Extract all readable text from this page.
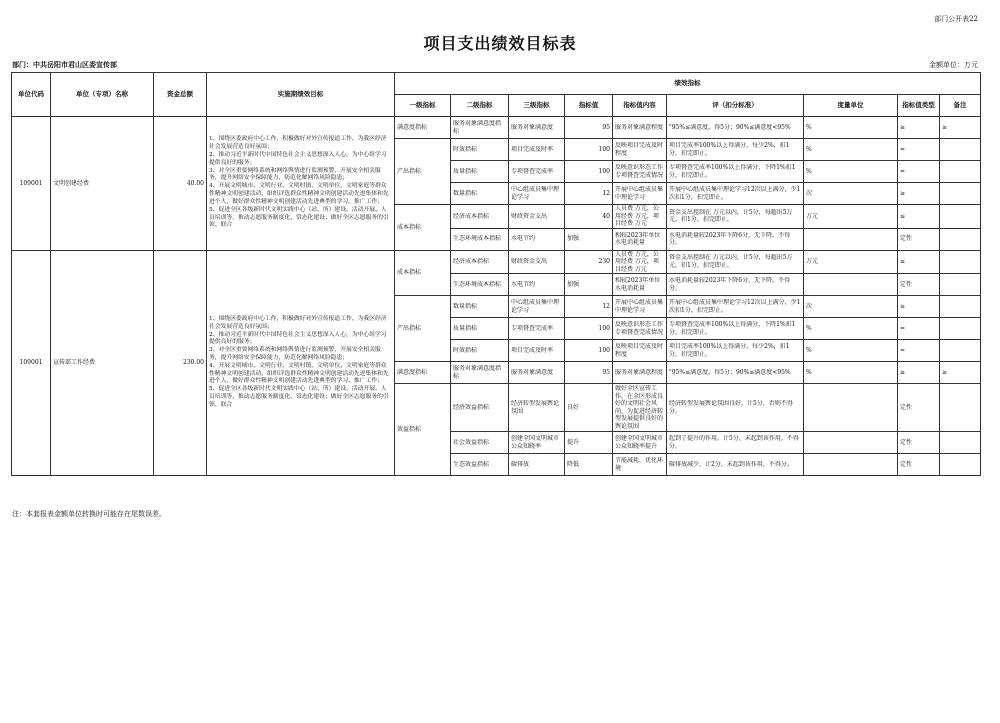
部门公开表22
项目支出绩效目标表
部门：中共岳阳市君山区委宣传部	金额单位：万元
单位代码	单位（专项）名称	资金总额	实施期绩效目标	绩效指标								
				一级指标	二级指标	三级指标	指标值	指标值内容	评（扣分标准）	度量单位	指标值类型	备注
109001	文明创建经费	40.00	1、围绕区委政府中心工作，积极做好对外宣传报道工作，为我区经济社会发展营造良好氛围；
2、推动习近平新时代中国特色社会主义思想深入人心，为中心组学习提供良好的服务；
3、对全区重要网络系统和网络舆情进行监测预警，开展安全相关服务，提升网络安全保障能力，防范化解网络风险隐患；
4、开展文明城市、文明行业、文明村镇、文明单位、文明家庭等群众性精神文明创建活动，组织评选群众性精神文明创建活动先进集体和先进个人，做好群众性精神文明创建活动先进典型的学习、推广工作；
5、促进全区各级新时代文明实践中心（站、所）建设、活动开展、人员培训等，推动志愿服务制度化、常态化建设；做好全区志愿服务的引领、联合	满意度指标	服务对象满意度指标	服务对象满意度	95	服务对象满意程度	"95%≤满意度，得5分；90%≤满意度<95%	%	≥	≥
				产出指标	时效指标	项目完成及时率	100	反映项目完成及时程度	项目完成率100%以上得满分，每少2%，扣1分，扣完即止。	%	=	

					质量指标	专项督查完成率	100	反映意识形态工作专项督查完成情况	专项督查完成率100%以上得满分，下降1%扣1分，扣完即止。	%	=	

					数量指标	中心组成员集中理论学习	12	开展中心组成员集中理论学习	开展中心组成员集中理论学习12次以上满分，少1次扣1分，扣完即止。	次	≥	
				成本指标	经济成本指标	财政资金支出	40	人员费 万元，公用经费 万元，项目经费 万元	资金支出控制在 万元以内，计5分，每超出5万元，扣1分，扣完即止。	万元	≤	

					生态环境成本指标	水电节约	加强	相较2023年单位水电消耗量	水电消耗量较2023年下降6分，无下降，不得分。		定性	
109001	宣传部工作经费	230.00	1、围绕区委政府中心工作，积极做好对外宣传报道工作，为我区经济社会发展营造良好氛围；
2、推动习近平新时代中国特色社会主义思想深入人心，为中心组学习提供良好的服务；
3、对全区重要网络系统和网络舆情进行监测预警，开展安全相关服务，提升网络安全保障能力，防范化解网络风险隐患；
4、开展文明城市、文明行业、文明村镇、文明单位、文明家庭等群众性精神文明创建活动，组织评选群众性精神文明创建活动先进集体和先进个人，做好群众性精神文明创建活动先进典型的学习、推广工作；
5、促进全区各级新时代文明实践中心（站、所）建设、活动开展、人员培训等，推动志愿服务制度化、常态化建设；做好全区志愿服务的引领、联合	成本指标	经济成本指标	财政资金支出	230	人员费 万元，公用经费 万元，项目经费 万元	资金支出控制在 万元以内，计5分，每超出5万元，扣1分，扣完即止。	万元	≤	

					生态环境成本指标	水电节约	加强	相较2023年单位水电消耗量	水电消耗量较2023年下降6分，无下降，不得分。		定性	
				产出指标	数量指标	中心组成员集中理论学习	12	开展中心组成员集中理论学习	开展中心组成员集中理论学习12次以上满分，少1次扣1分，扣完即止。	次	≥	

					质量指标	专项督查完成率	100	反映意识形态工作专项督查完成情况	专项督查完成率100%以上得满分，下降1%扣1分，扣完即止。	%	=	

					时效指标	项目完成及时率	100	反映项目完成及时程度	项目完成率100%以上得满分，每少2%，扣1分，扣完即止。	%	=	
				满意度指标	服务对象满意度指标	服务对象满意度	95	服务对象满意程度	"95%≤满意度，得5分；90%≤满意度<95%	%	≥	≥
				效益指标	经济效益指标	经济转型发展舆论氛围	良好	做好全区宣传工作，在全区形成良好的文明社会风尚，为促进经济转型发展提供良好的舆论氛围	经济转型发展舆论氛围良好，计5分，否则不得分。		定性	

					社会效益指标	创建全国文明城市公众知晓率	提升	创建全国文明城市公众知晓率提升	起到了提升的作用，计5分，未起到该作用，不得分。		定性	

					生态效益指标	碳排放	降低	节能减耗，优化环境	碳排放减少，计2分，未起到该作用，不得分。		定性	
注：本套报表金额单位转换时可能存在尾数误差。
